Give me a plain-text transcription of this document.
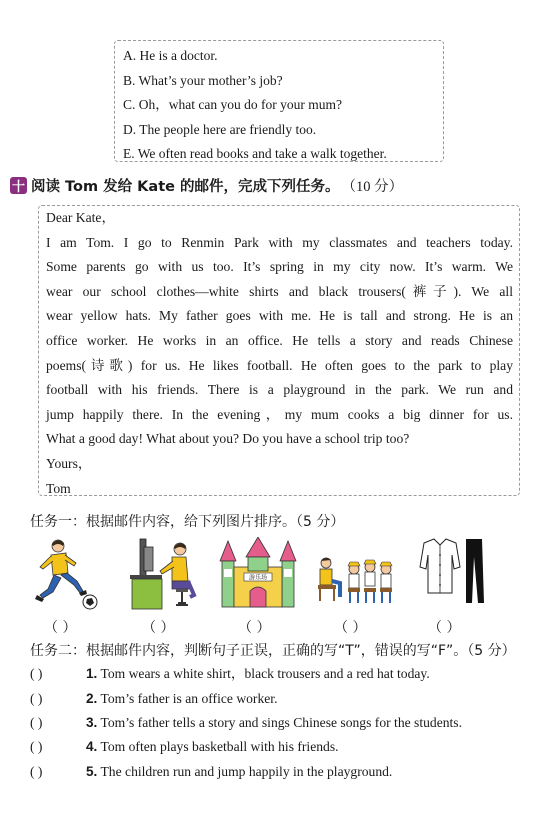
A. He is a doctor.
B. What’s your mother’s job?
C. Oh，what can you do for your mum?
D. The people here are friendly too.
E. We often read books and take a walk together.
十 阅读 Tom 发给 Kate 的邮件，完成下列任务。 （10 分）
Dear Kate，
I am Tom. I go to Renmin Park with my classmates and teachers today.
Some parents go with us too. It’s spring in my city now. It’s warm. We
wear our school clothes—white shirts and black trousers(裤子). We all
wear yellow hats. My father goes with me. He is tall and strong. He is an
office worker. He works in an office. He tells a story and reads Chinese
poems(诗歌) for us. He likes football. He often goes to the park to play
football with his friends. There is a playground in the park. We run and
jump happily there. In the evening，my mum cooks a big dinner for us.
What a good day! What about you? Do you have a school trip too?
Yours，
Tom
任务一：根据邮件内容，给下列图片排序。（5 分）
游乐场
（ ）	（ ）	（ ）	（ ）	（ ）
任务二：根据邮件内容，判断句子正误，正确的写“T”，错误的写“F”。（5 分）
( )	1. Tom wears a white shirt，black trousers and a red hat today.
( )	2. Tom’s father is an office worker.
( )	3. Tom’s father tells a story and sings Chinese songs for the students.
( )	4. Tom often plays basketball with his friends.
( )	5. The children run and jump happily in the playground.
